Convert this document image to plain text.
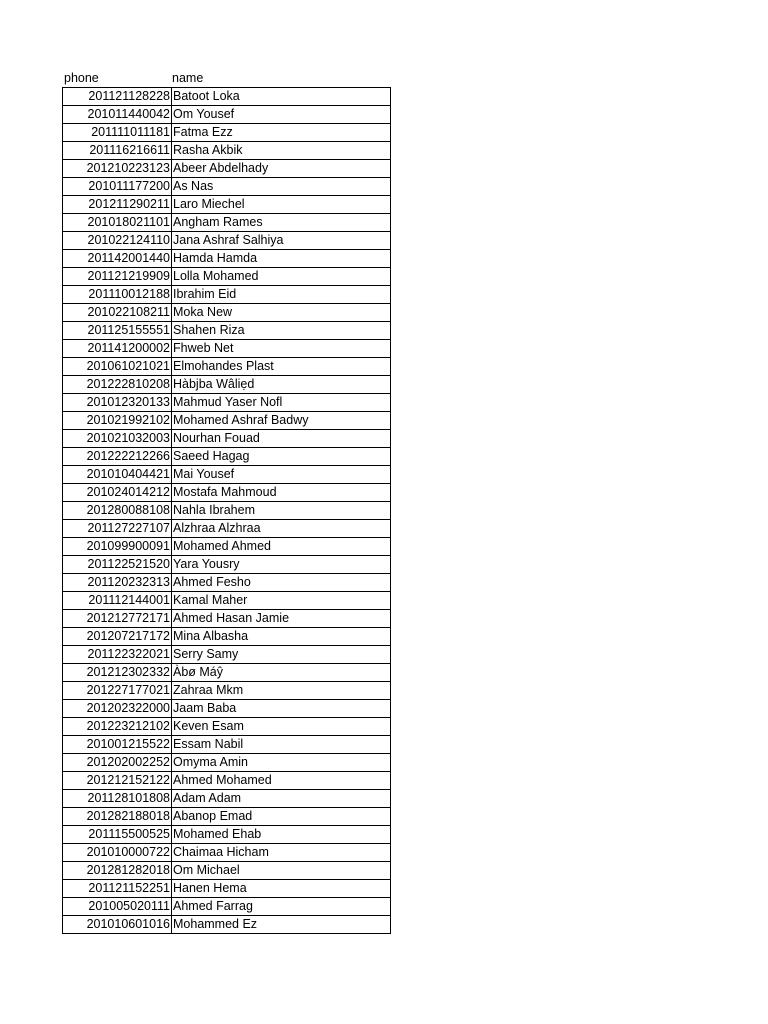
phone	name
201121128228	Batoot Loka
201011440042	Om Yousef
201111011181	Fatma Ezz
201116216611	Rasha Akbik
201210223123	Abeer Abdelhady
201011177200	As Nas
201211290211	Laro Miechel
201018021101	Angham Rames
201022124110	Jana Ashraf Salhiya
201142001440	Hamda Hamda
201121219909	Lolla Mohamed
201110012188	Ibrahim Eid
201022108211	Moka New
201125155551	Shahen Riza
201141200002	Fhweb Net
201061021021	Elmohandes Plast
201222810208	Hàbjba Wâliẹd
201012320133	Mahmud Yaser Nofl
201021992102	Mohamed Ashraf Badwy
201021032003	Nourhan Fouad
201222212266	Saeed Hagag
201010404421	Mai Yousef
201024014212	Mostafa Mahmoud
201280088108	Nahla Ibrahem
201127227107	Alzhraa Alzhraa
201099900091	Mohamed Ahmed
201122521520	Yara Yousry
201120232313	Ahmed Fesho
201112144001	Kamal Maher
201212772171	Ahmed Hasan Jamie
201207217172	Mina Albasha
201122322021	Serry Samy
201212302332	Àbø Máŷ
201227177021	Zahraa Mkm
201202322000	Jaam Baba
201223212102	Keven Esam
201001215522	Essam Nabil
201202002252	Omyma Amin
201212152122	Ahmed Mohamed
201128101808	Adam Adam
201282188018	Abanop Emad
201115500525	Mohamed Ehab
201010000722	Chaimaa Hicham
201281282018	Om Michael
201121152251	Hanen Hema
201005020111	Ahmed Farrag
201010601016	Mohammed Ez
